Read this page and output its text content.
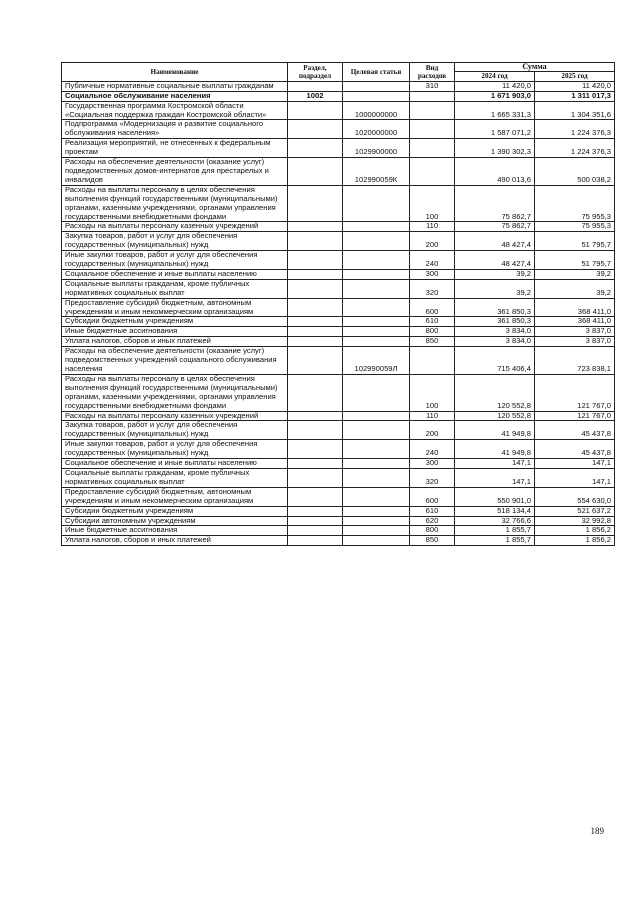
Наименование	Раздел, подраздел	Целевая статья	Вид расходов	Сумма	
				2024 год	2025 год
Публичные нормативные социальные выплаты гражданам			310	11 420,0	11 420,0
Социальное обслуживание населения	1002			1 671 903,0	1 311 017,3
Государственная программа Костромской области «Социальная поддержка граждан Костромской области»		1000000000		1 665 331,3	1 304 351,6
Подпрограмма «Модернизация и развитие социального обслуживания населения»		1020000000		1 587 071,2	1 224 376,3
Реализация мероприятий, не отнесенных к федеральным проектам		1029900000		1 390 302,3	1 224 376,3
Расходы на обеспечение деятельности (оказание услуг) подведомственных домов-интернатов для престарелых и инвалидов		102990059К		490 013,6	500 038,2
Расходы на выплаты персоналу в целях обеспечения выполнения функций государственными (муниципальными) органами, казенными учреждениями, органами управления государственными внебюджетными фондами			100	75 862,7	75 955,3
Расходы на выплаты персоналу казенных учреждений			110	75 862,7	75 955,3
Закупка товаров, работ и услуг для обеспечения государственных (муниципальных) нужд			200	48 427,4	51 795,7
Иные закупки товаров, работ и услуг для обеспечения государственных (муниципальных) нужд			240	48 427,4	51 795,7
Социальное обеспечение и иные выплаты населению			300	39,2	39,2
Социальные выплаты гражданам, кроме публичных нормативных социальных выплат			320	39,2	39,2
Предоставление субсидий бюджетным, автономным учреждениям и иным некоммерческим организациям			600	361 850,3	368 411,0
Субсидии бюджетным учреждениям			610	361 850,3	368 411,0
Иные бюджетные ассигнования			800	3 834,0	3 837,0
Уплата налогов, сборов и иных платежей			850	3 834,0	3 837,0
Расходы на обеспечение деятельности (оказание услуг) подведомственных учреждений социального обслуживания населения		102990059Л		715 406,4	723 838,1
Расходы на выплаты персоналу в целях обеспечения выполнения функций государственными (муниципальными) органами, казенными учреждениями, органами управления государственными внебюджетными фондами			100	120 552,8	121 767,0
Расходы на выплаты персоналу казенных учреждений			110	120 552,8	121 767,0
Закупка товаров, работ и услуг для обеспечения государственных (муниципальных) нужд			200	41 949,8	45 437,8
Иные закупки товаров, работ и услуг для обеспечения государственных (муниципальных) нужд			240	41 949,8	45 437,8
Социальное обеспечение и иные выплаты населению			300	147,1	147,1
Социальные выплаты гражданам, кроме публичных нормативных социальных выплат			320	147,1	147,1
Предоставление субсидий бюджетным, автономным учреждениям и иным некоммерческим организациям			600	550 901,0	554 630,0
Субсидии бюджетным учреждениям			610	518 134,4	521 637,2
Субсидии автономным учреждениям			620	32 766,6	32 992,8
Иные бюджетные ассигнования			800	1 855,7	1 856,2
Уплата налогов, сборов и иных платежей			850	1 855,7	1 856,2
189
